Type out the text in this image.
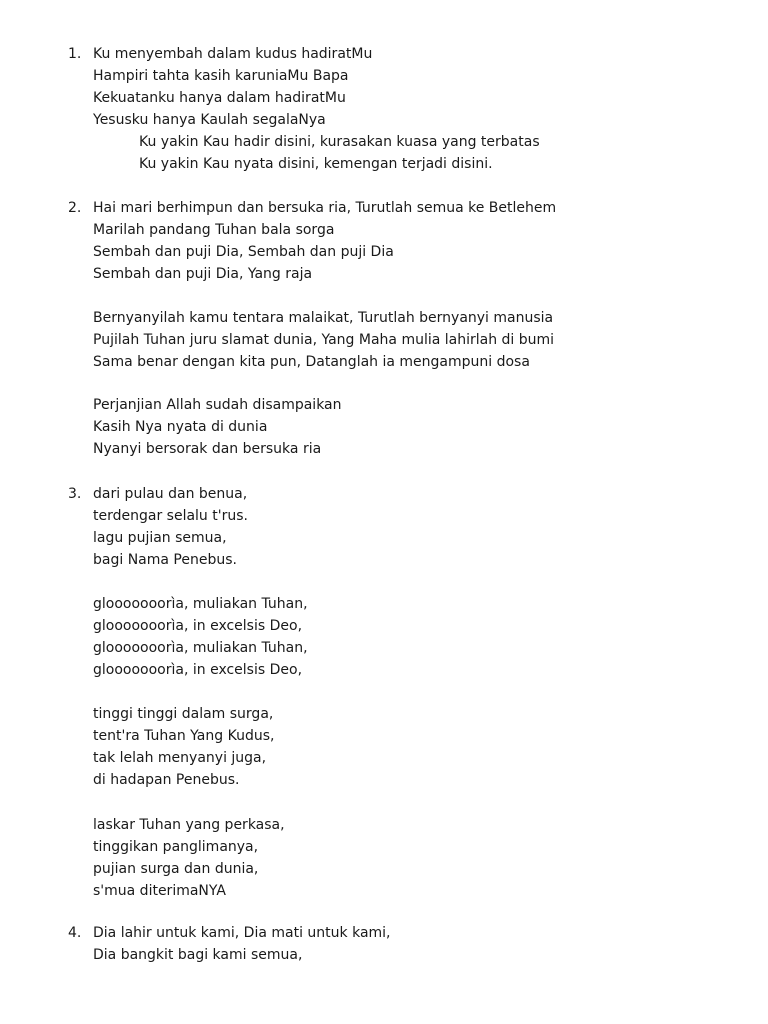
1. Ku menyembah dalam kudus hadiratMu
Hampiri tahta kasih karuniaMu Bapa
Kekuatanku hanya dalam hadiratMu
Yesusku hanya Kaulah segalaNya
Ku yakin Kau hadir disini, kurasakan kuasa yang terbatas
Ku yakin Kau nyata disini, kemengan terjadi disini.
2. Hai mari berhimpun dan bersuka ria, Turutlah semua ke Betlehem
Marilah pandang Tuhan bala sorga
Sembah dan puji Dia, Sembah dan puji Dia
Sembah dan puji Dia, Yang raja
Bernyanyilah kamu tentara malaikat, Turutlah bernyanyi manusia
Pujilah Tuhan juru slamat dunia, Yang Maha mulia lahirlah di bumi
Sama benar dengan kita pun, Datanglah ia mengampuni dosa
Perjanjian Allah sudah disampaikan
Kasih Nya nyata di dunia
Nyanyi bersorak dan bersuka ria
3. dari pulau dan benua,
terdengar selalu t'rus.
lagu pujian semua,
bagi Nama Penebus.
glooooooorìa, muliakan Tuhan,
glooooooorìa, in excelsis Deo,
glooooooorìa, muliakan Tuhan,
glooooooorìa, in excelsis Deo,
tinggi tinggi dalam surga,
tent'ra Tuhan Yang Kudus,
tak lelah menyanyi juga,
di hadapan Penebus.
laskar Tuhan yang perkasa,
tinggikan panglimanya,
pujian surga dan dunia,
s'mua diterimaNYA
4. Dia lahir untuk kami, Dia mati untuk kami,
Dia bangkit bagi kami semua,
